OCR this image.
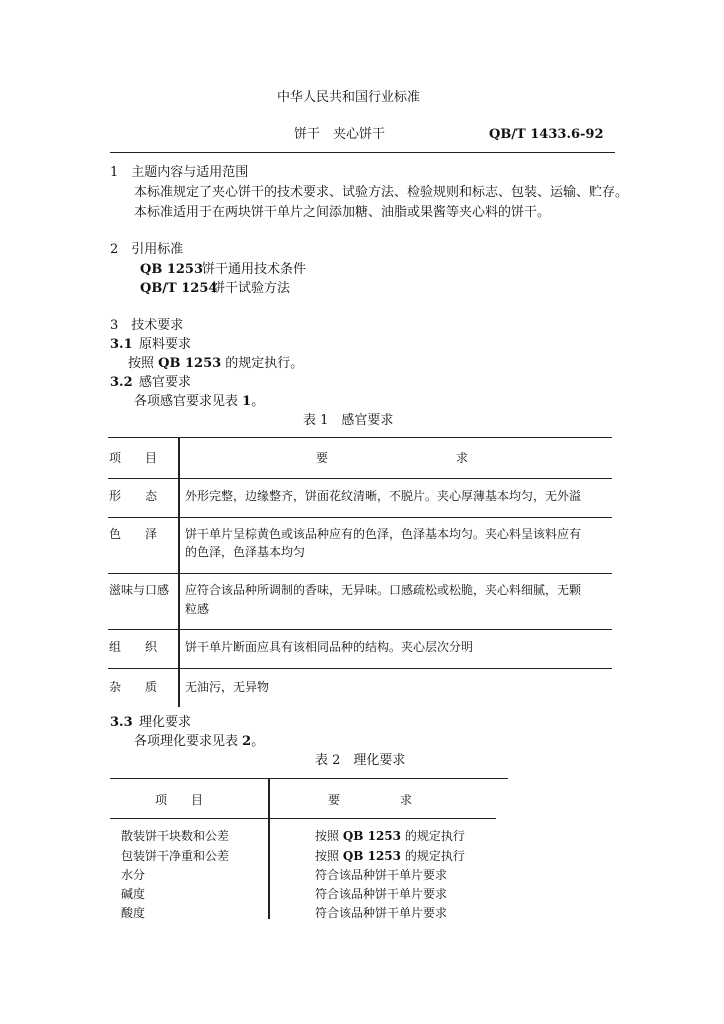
中华人民共和国行业标准
饼干　夹心饼干	QB/T 1433.6-92
1　主题内容与适用范围
本标准规定了夹心饼干的技术要求、试验方法、检验规则和标志、包装、运输、贮存。
本标准适用于在两块饼干单片之间添加糖、油脂或果酱等夹心料的饼干。
2　引用标准
QB 1253
饼干通用技术条件
QB/T 1254
饼干试验方法
3　技术要求
3.1 原料要求
按照 QB 1253 的规定执行。
3.2 感官要求
各项感官要求见表 1。
表 1　感官要求
项　　目	要	求
形　　态 外形完整，边缘整齐，饼面花纹清晰，不脱片。夹心厚薄基本均匀，无外溢
色　　泽 饼干单片呈棕黄色或该品种应有的色泽，色泽基本均匀。夹心料呈该料应有
的色泽，色泽基本均匀
滋味与口感 应符合该品种所调制的香味，无异味。口感疏松或松脆，夹心料细腻，无颗
粒感
组　　织 饼干单片断面应具有该相同品种的结构。夹心层次分明
杂　　质 无油污，无异物
3.3 理化要求
各项理化要求见表 2。
表 2　理化要求
项　　目	要	求
散装饼干块数和公差	按照 QB 1253 的规定执行
包装饼干净重和公差	按照 QB 1253 的规定执行
水分	符合该品种饼干单片要求
碱度	符合该品种饼干单片要求
酸度	符合该品种饼干单片要求
